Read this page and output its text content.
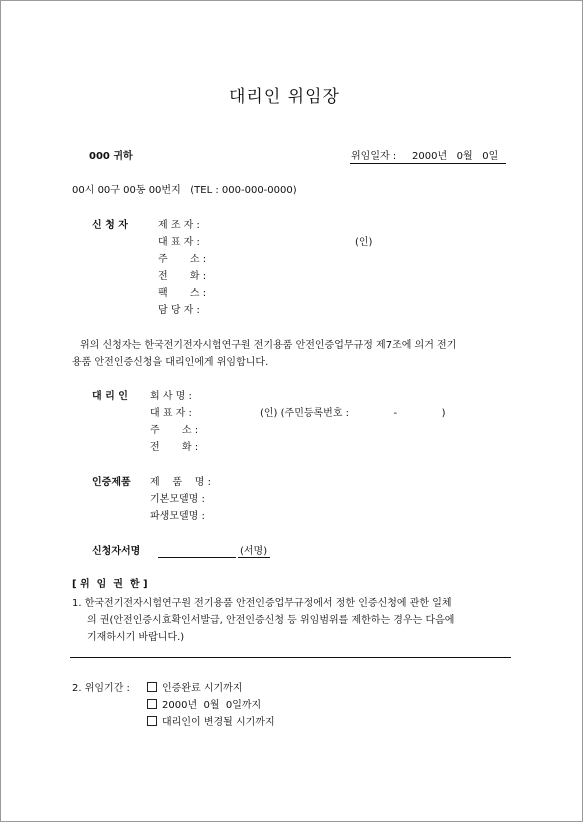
대리인 위임장
000 귀하	위임일자 : 2000년   0월   0일
00시 00구 00동 00번지   (TEL : 000-000-0000)
신 청 자	제 조 자 :
대 표 자 :	(인)
주       소 :
전       화 :
팩       스 :
담 당 자 :
위의 신청자는 한국전기전자시험연구원 전기용품 안전인증업무규정 제7조에 의거 전기
용품 안전인증신청을 대리인에게 위임합니다.
대 리 인 회 사 명 :
대 표 자 :	(인) (주민등록번호 :              -              )
주       소 :
전       화 :
인증제품 제    품    명 :
기본모델명 :
파생모델명 :
신청자서명	(서명)
[ 위  임  권  한 ]
1. 한국전기전자시험연구원 전기용품 안전인증업무규정에서 정한 인증신청에 관한 일체
의 권(안전인증시효확인서발급, 안전인증신청 등 위임범위를 제한하는 경우는 다음에
기재하시기 바랍니다.)
2. 위임기간 :	인증완료 시기까지
2000년  0월  0일까지
대리인이 변경될 시기까지
